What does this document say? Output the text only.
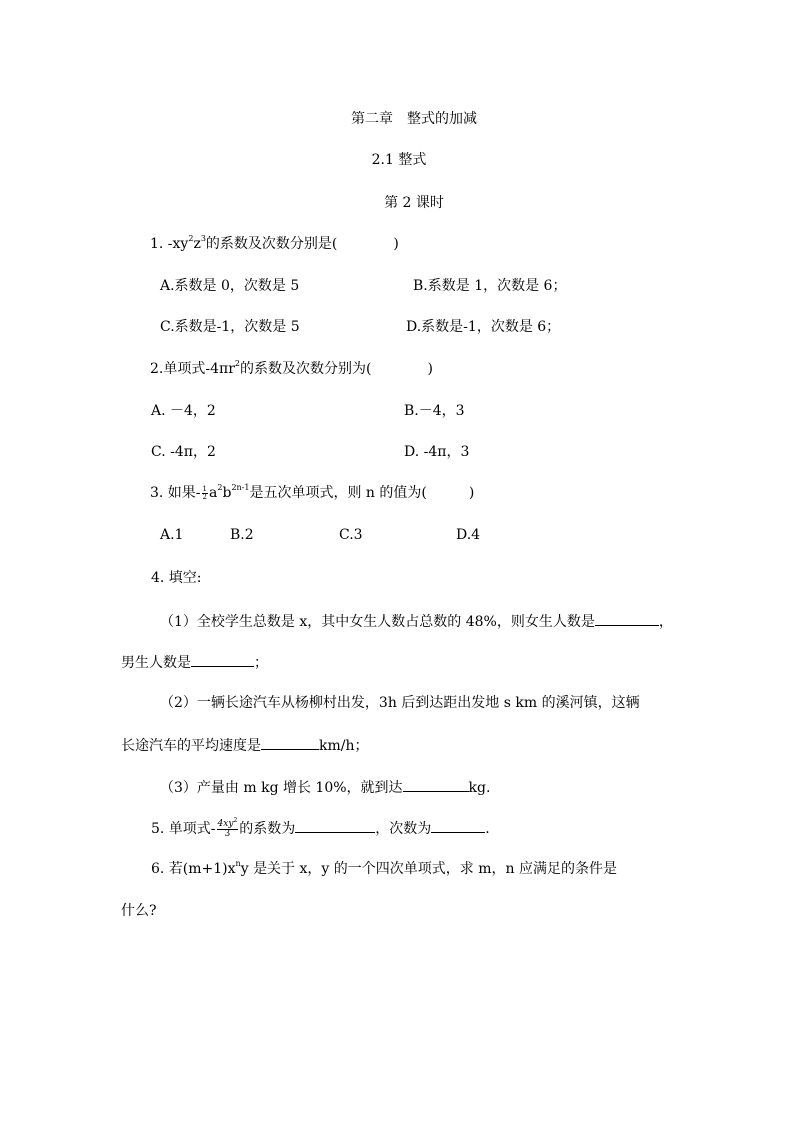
第二章　整式的加减
2.1 整式
第 2 课时
1. $-xy^2z^3$的系数及次数分别是(　　　　)
A.系数是 0，次数是 5	B.系数是 1，次数是 6；
C.系数是-1，次数是 5	D.系数是-1，次数是 6；
2.单项式$-4\pi r^2$的系数及次数分别为(　　　　)
A. －4，2	B.－4，3
C. -4π，2	D. -4π，3
3. 如果- $\frac{1}{2} a^2b^{2n-1}$是五次单项式，则 n 的值为(　　　)
A.1	B.2	C.3	D.4
4. 填空:
（1）全校学生总数是 x，其中女生人数占总数的 48%，则女生人数是	，
男生人数是	；
（2）一辆长途汽车从杨柳村出发，3h 后到达距出发地 s km 的溪河镇，这辆
长途汽车的平均速度是	km/h；
（3）产量由 m kg 增长 10%，就到达	kg.
5. 单项式- $\frac{4xy^2}{3}$ 的系数为	，次数为	.
6. 若$(m+1)x^ny$ 是关于 x，y 的一个四次单项式，求 m，n 应满足的条件是
什么?
